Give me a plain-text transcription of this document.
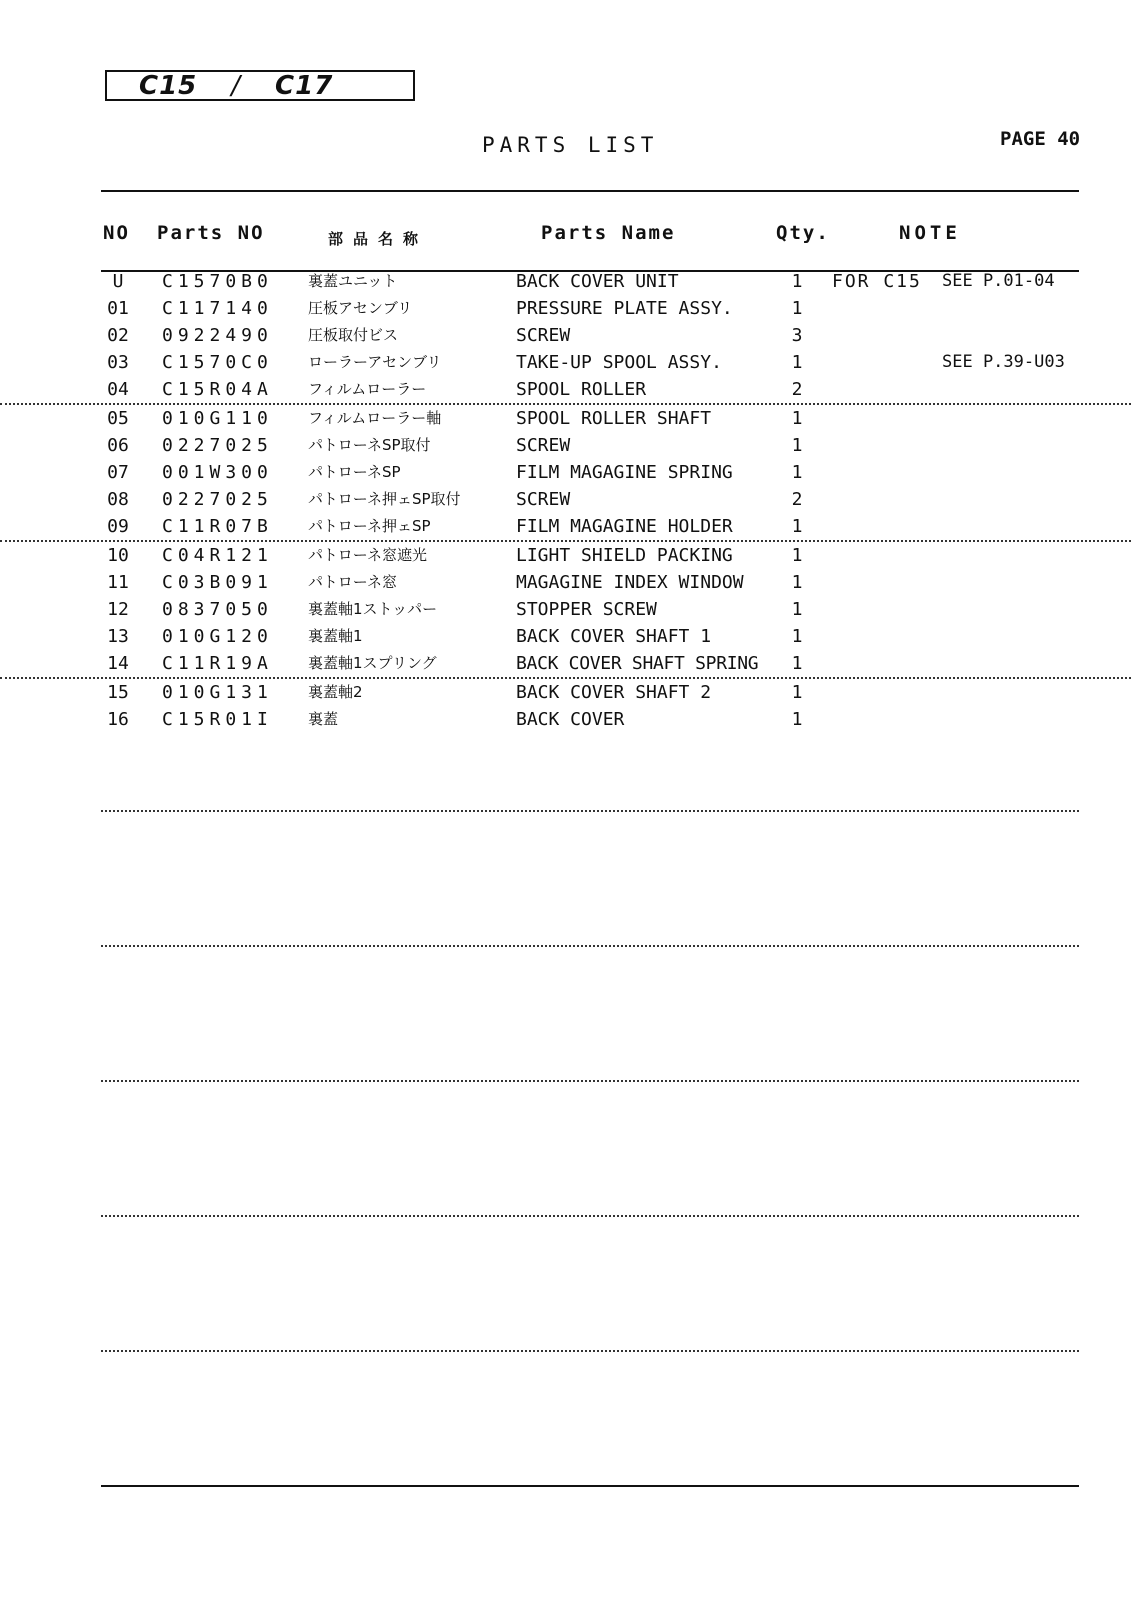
C15 / C17
PARTS LIST	PAGE 40
NO Parts NO	部品名称	Parts Name	Qty.	NOTE
U	C1570B0 裏蓋ユニット	BACK COVER UNIT	1	FOR C15 SEE P.01-04
01 C117140 圧板アセンブリ	PRESSURE PLATE ASSY.	1
02 0922490 圧板取付ビス	SCREW	3
03 C1570C0 ローラーアセンブリ	TAKE-UP SPOOL ASSY.	1	SEE P.39-U03
04 C15R04A フィルムローラー	SPOOL ROLLER	2
05 010G110 フィルムローラー軸	SPOOL ROLLER SHAFT	1
06 0227025 パトローネSP取付	SCREW	1
07 001W300 パトローネSP	FILM MAGAGINE SPRING	1
08 0227025 パトローネ押ェSP取付	SCREW	2
09 C11R07B パトローネ押ェSP	FILM MAGAGINE HOLDER	1
10 C04R121 パトローネ窓遮光	LIGHT SHIELD PACKING	1
11 C03B091 パトローネ窓	MAGAGINE INDEX WINDOW	1
12 0837050 裏蓋軸1ストッパー	STOPPER SCREW	1
13 010G120 裏蓋軸1	BACK COVER SHAFT 1	1
14 C11R19A 裏蓋軸1スプリング	BACK COVER SHAFT SPRING	1
15 010G131 裏蓋軸2	BACK COVER SHAFT 2	1
16 C15R01I 裏蓋	BACK COVER	1
